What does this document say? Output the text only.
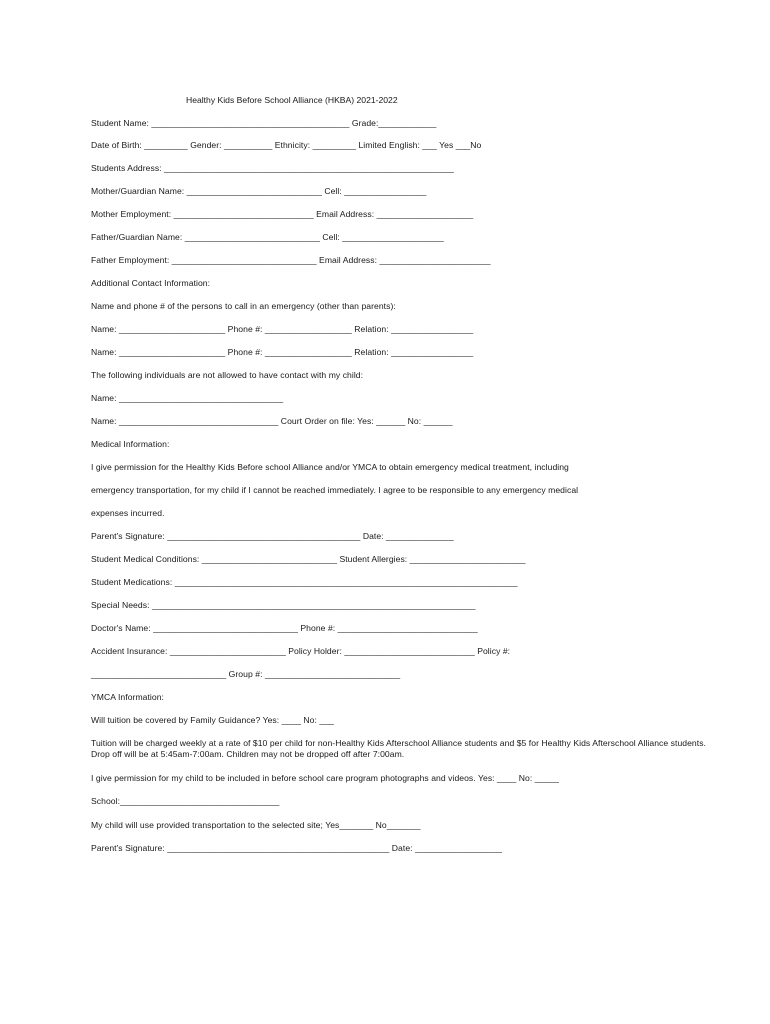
Healthy Kids Before School Alliance (HKBA) 2021-2022
Student Name: _________________________________________ Grade:____________
Date of Birth: _________ Gender: __________ Ethnicity: _________ Limited English: ___ Yes ___No
Students Address: ____________________________________________________________
Mother/Guardian Name: ____________________________ Cell: _________________
Mother Employment: _____________________________ Email Address: ____________________
Father/Guardian Name: ____________________________ Cell: _____________________
Father Employment: ______________________________ Email Address: _______________________
Additional Contact Information:
Name and phone # of the persons to call in an emergency (other than parents):
Name: ______________________ Phone #: __________________ Relation: _________________
Name: ______________________ Phone #: __________________ Relation: _________________
The following individuals are not allowed to have contact with my child:
Name: __________________________________
Name: _________________________________ Court Order on file: Yes: ______ No: ______
Medical Information:
I give permission for the Healthy Kids Before school Alliance and/or YMCA to obtain emergency medical treatment, including
emergency transportation, for my child if I cannot be reached immediately. I agree to be responsible to any emergency medical
expenses incurred.
Parent's Signature: ________________________________________ Date: ______________
Student Medical Conditions: ____________________________ Student Allergies: ________________________
Student Medications: _______________________________________________________________________
Special Needs: ___________________________________________________________________
Doctor's Name: ______________________________ Phone #: _____________________________
Accident Insurance: ________________________ Policy Holder: ___________________________ Policy #:
____________________________ Group #: ____________________________
YMCA Information:
Will tuition be covered by Family Guidance? Yes: ____ No: ___
Tuition will be charged weekly at a rate of $10 per child for non-Healthy Kids Afterschool Alliance students and $5 for Healthy Kids Afterschool Alliance students. Drop off will be at 5:45am-7:00am. Children may not be dropped off after 7:00am.
I give permission for my child to be included in before school care program photographs and videos. Yes: ____ No: _____
School:_________________________________
My child will use provided transportation to the selected site; Yes_______ No_______
Parent's Signature: ______________________________________________ Date: __________________
